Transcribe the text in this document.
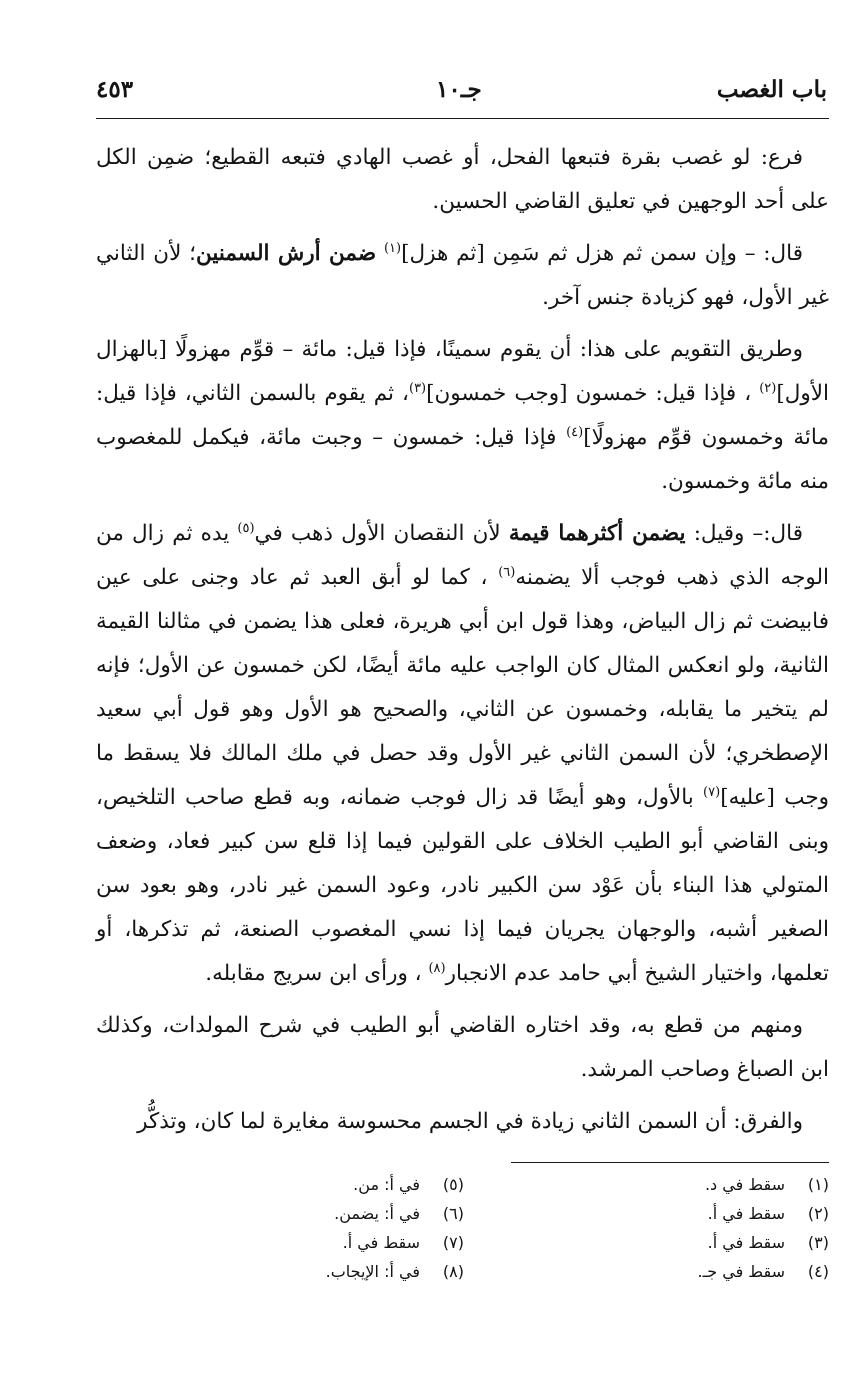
٤٥٣	جـ١٠	باب الغصب

فرع: لو غصب بقرة فتبعها الفحل، أو غصب الهادي فتبعه القطيع؛ ضمِن الكل على أحد الوجهين في تعليق القاضي الحسين.

قال: – وإن سمن ثم هزل ثم سَمِن [ثم هزل]$^{(١)}$ ضمن أرش السمنين؛ لأن الثاني غير الأول، فهو كزيادة جنس آخر.

وطريق التقويم على هذا: أن يقوم سمينًا، فإذا قيل: مائة – قوِّم مهزولًا [بالهزال الأول]$^{(٢)}$ ، فإذا قيل: خمسون [وجب خمسون]$^{(٣)}$، ثم يقوم بالسمن الثاني، فإذا قيل: مائة وخمسون قوِّم مهزولًا]$^{(٤)}$ فإذا قيل: خمسون – وجبت مائة، فيكمل للمغصوب منه مائة وخمسون.

قال:– وقيل: يضمن أكثرهما قيمة لأن النقصان الأول ذهب في$^{(٥)}$ يده ثم زال من الوجه الذي ذهب فوجب ألا يضمنه$^{(٦)}$ ، كما لو أبق العبد ثم عاد وجنى على عين فابيضت ثم زال البياض، وهذا قول ابن أبي هريرة، فعلى هذا يضمن في مثالنا القيمة الثانية، ولو انعكس المثال كان الواجب عليه مائة أيضًا، لكن خمسون عن الأول؛ فإنه لم يتخير ما يقابله، وخمسون عن الثاني، والصحيح هو الأول وهو قول أبي سعيد الإصطخري؛ لأن السمن الثاني غير الأول وقد حصل في ملك المالك فلا يسقط ما وجب [عليه]$^{(٧)}$ بالأول، وهو أيضًا قد زال فوجب ضمانه، وبه قطع صاحب التلخيص، وبنى القاضي أبو الطيب الخلاف على القولين فيما إذا قلع سن كبير فعاد، وضعف المتولي هذا البناء بأن عَوْد سن الكبير نادر، وعود السمن غير نادر، وهو بعود سن الصغير أشبه، والوجهان يجريان فيما إذا نسي المغصوب الصنعة، ثم تذكرها، أو تعلمها، واختيار الشيخ أبي حامد عدم الانجبار$^{(٨)}$ ، ورأى ابن سريج مقابله.

ومنهم من قطع به، وقد اختاره القاضي أبو الطيب في شرح المولدات، وكذلك ابن الصباغ وصاحب المرشد.

والفرق: أن السمن الثاني زيادة في الجسم محسوسة مغايرة لما كان، وتذكُّر

(١)سقط في د.
(٢)سقط في أ.
(٣)سقط في أ.
(٤)سقط في جـ.
(٥)في أ: من.
(٦)في أ: يضمن.
(٧)سقط في أ.
(٨)في أ: الإيجاب.
